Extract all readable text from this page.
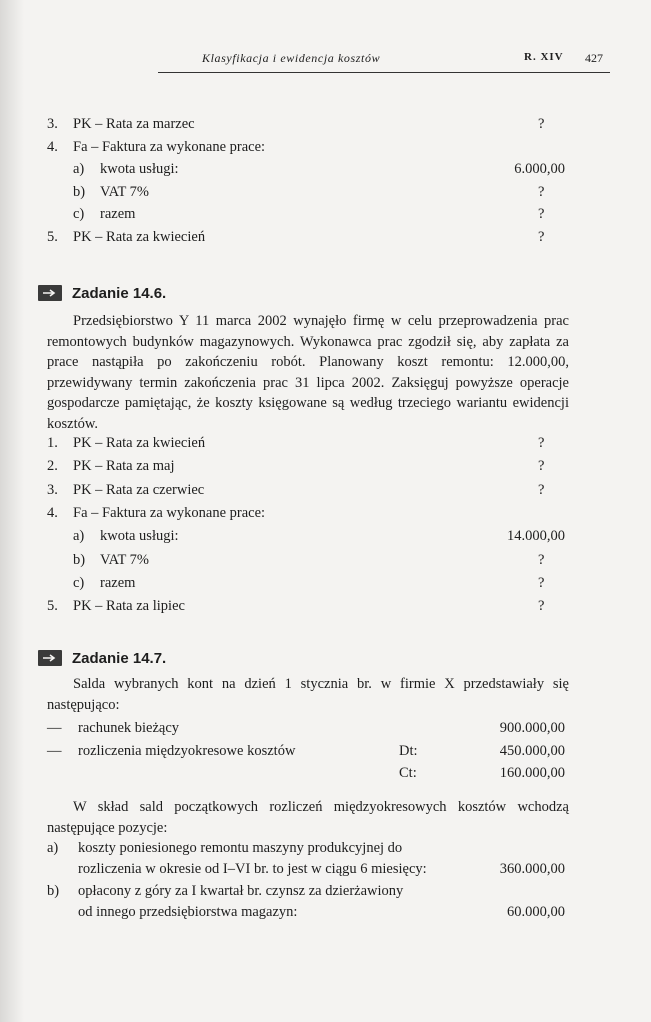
Klasyfikacja i ewidencja kosztów	R. XIV 427
3. PK – Rata za marzec	?
4. Fa – Faktura za wykonane prace:
a) kwota usługi:	6.000,00
b) VAT 7%	?
c) razem	?
5. PK – Rata za kwiecień	?
Zadanie 14.6.
Przedsiębiorstwo Y 11 marca 2002 wynajęło firmę w celu przeprowadzenia prac remontowych budynków magazynowych. Wykonawca prac zgodził się, aby zapłata za prace nastąpiła po zakończeniu robót. Planowany koszt remontu: 12.000,00, przewidywany termin zakończenia prac 31 lipca 2002. Zaksięguj powyższe operacje gospodarcze pamiętając, że koszty księgowane są według trzeciego wariantu ewidencji kosztów.
1. PK – Rata za kwiecień	?
2. PK – Rata za maj	?
3. PK – Rata za czerwiec	?
4. Fa – Faktura za wykonane prace:
a) kwota usługi:	14.000,00
b) VAT 7%	?
c) razem	?
5. PK – Rata za lipiec	?
Zadanie 14.7.
Salda wybranych kont na dzień 1 stycznia br. w firmie X przedstawiały się następująco:
— rachunek bieżący	900.000,00
— rozliczenia międzyokresowe kosztów	Dt:	450.000,00
Ct:	160.000,00
W skład sald początkowych rozliczeń międzyokresowych kosztów wchodzą następujące pozycje:
a) koszty poniesionego remontu maszyny produkcyjnej do
rozliczenia w okresie od I–VI br. to jest w ciągu 6 miesięcy:	360.000,00
b) opłacony z góry za I kwartał br. czynsz za dzierżawiony
od innego przedsiębiorstwa magazyn:	60.000,00
